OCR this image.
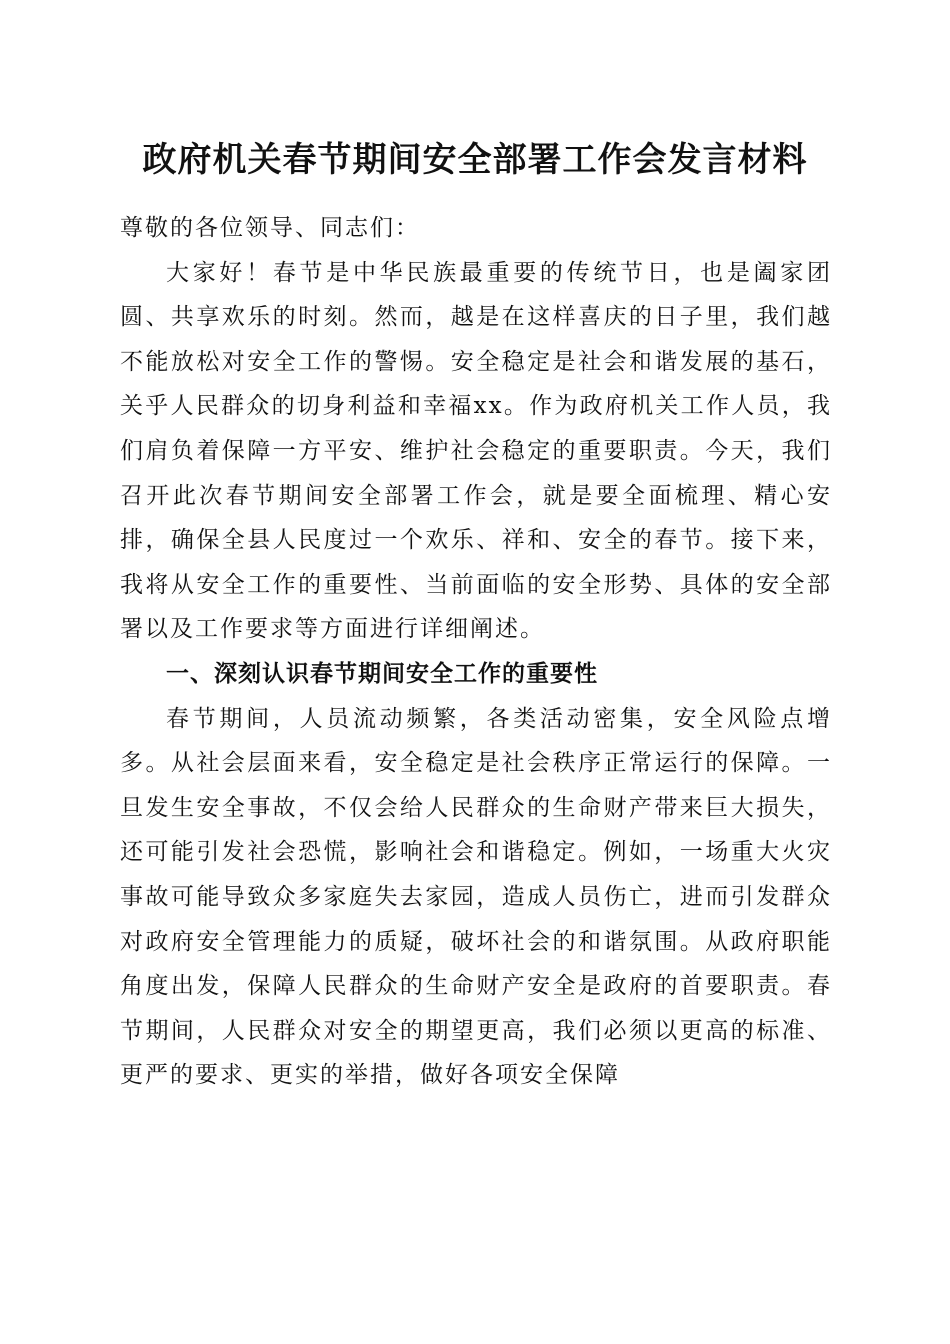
政府机关春节期间安全部署工作会发言材料

尊敬的各位领导、同志们：

大家好！春节是中华民族最重要的传统节日，也是阖家团圆、共享欢乐的时刻。然而，越是在这样喜庆的日子里，我们越不能放松对安全工作的警惕。安全稳定是社会和谐发展的基石，关乎人民群众的切身利益和幸福xx。作为政府机关工作人员，我们肩负着保障一方平安、维护社会稳定的重要职责。今天，我们召开此次春节期间安全部署工作会，就是要全面梳理、精心安排，确保全县人民度过一个欢乐、祥和、安全的春节。接下来，我将从安全工作的重要性、当前面临的安全形势、具体的安全部署以及工作要求等方面进行详细阐述。

一、深刻认识春节期间安全工作的重要性

春节期间，人员流动频繁，各类活动密集，安全风险点增多。从社会层面来看，安全稳定是社会秩序正常运行的保障。一旦发生安全事故，不仅会给人民群众的生命财产带来巨大损失，还可能引发社会恐慌，影响社会和谐稳定。例如，一场重大火灾事故可能导致众多家庭失去家园，造成人员伤亡，进而引发群众对政府安全管理能力的质疑，破坏社会的和谐氛围。从政府职能角度出发，保障人民群众的生命财产安全是政府的首要职责。春节期间，人民群众对安全的期望更高，我们必须以更高的标准、更严的要求、更实的举措，做好各项安全保障
